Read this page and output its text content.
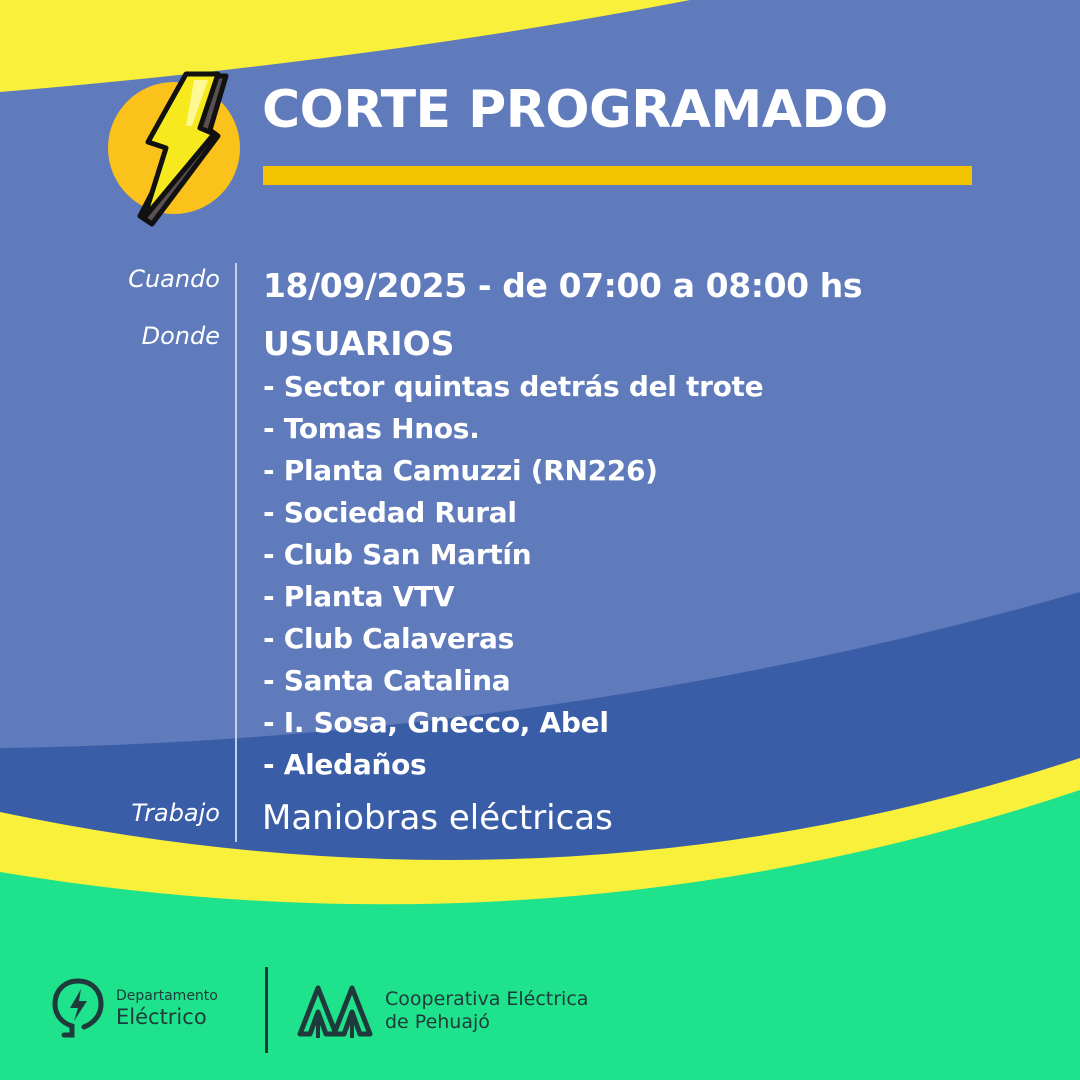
CORTE PROGRAMADO
Cuando 18/09/2025 - de 07:00 a 08:00 hs
Donde USUARIOS
- Sector quintas detrás del trote
- Tomas Hnos.
- Planta Camuzzi (RN226)
- Sociedad Rural
- Club San Martín
- Planta VTV
- Club Calaveras
- Santa Catalina
- I. Sosa, Gnecco, Abel
- Aledaños
Trabajo Maniobras eléctricas
Departamento
Eléctrico
Cooperativa Eléctrica
de Pehuajó
